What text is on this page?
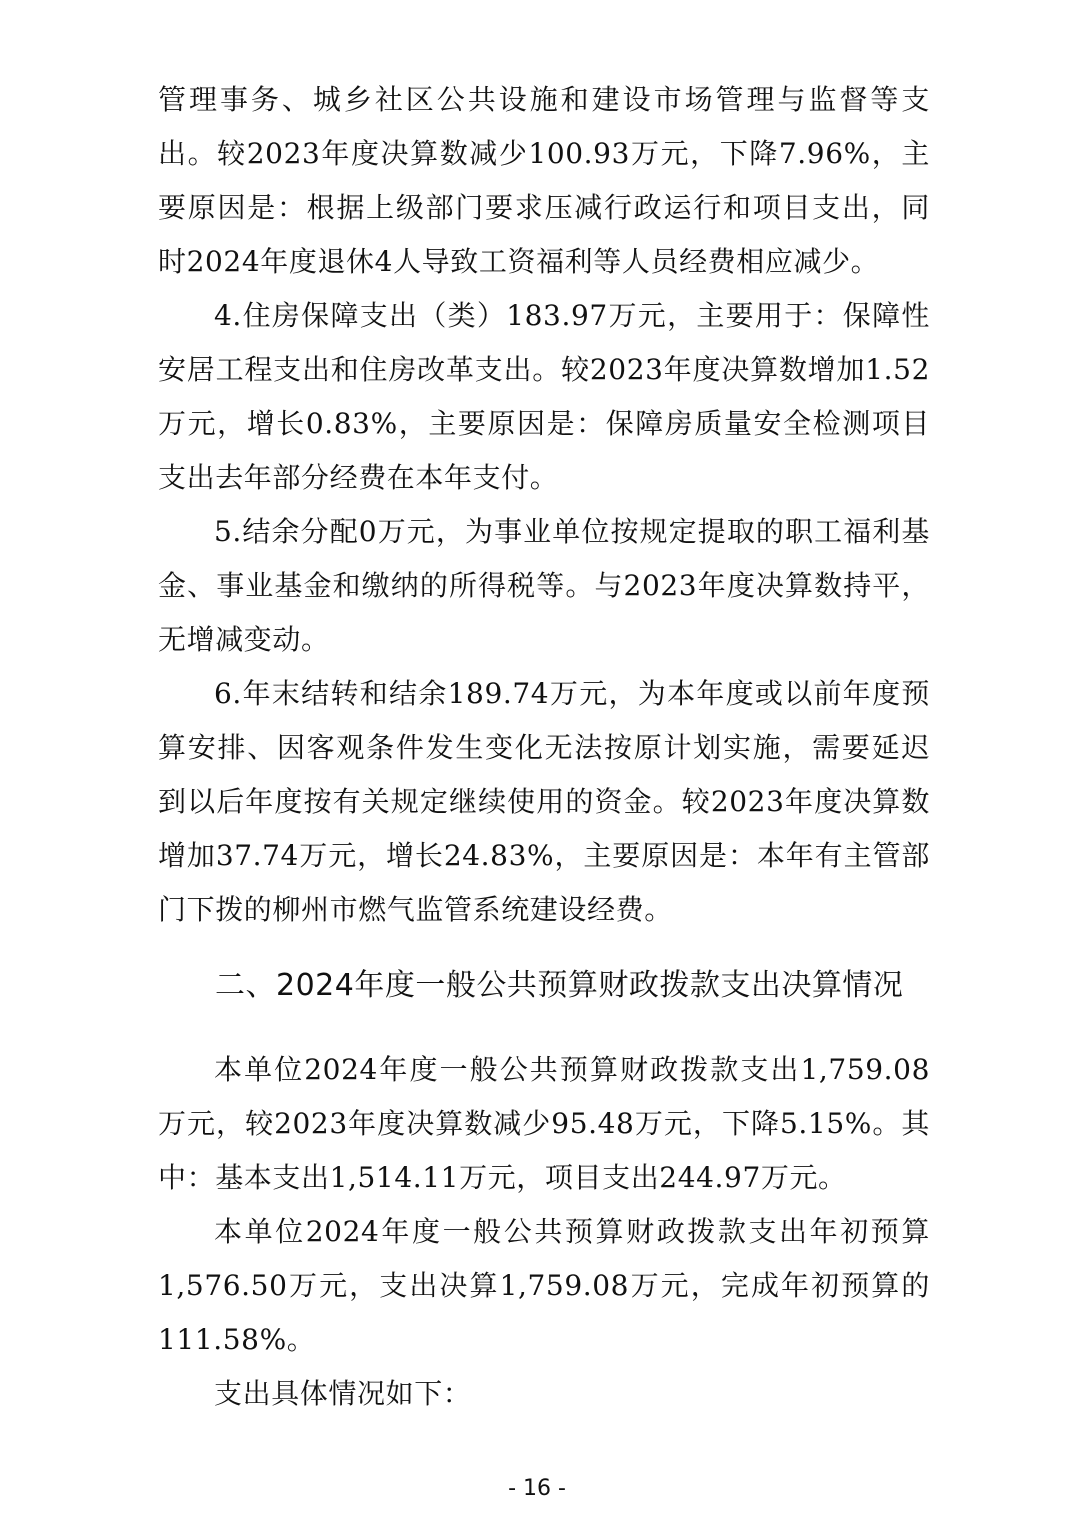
管理事务、城乡社区公共设施和建设市场管理与监督等支出。较2023年度决算数减少100.93万元，下降7.96%，主要原因是：根据上级部门要求压减行政运行和项目支出，同时2024年度退休4人导致工资福利等人员经费相应减少。

4.住房保障支出（类）183.97万元，主要用于：保障性安居工程支出和住房改革支出。较2023年度决算数增加1.52万元，增长0.83%，主要原因是：保障房质量安全检测项目支出去年部分经费在本年支付。

5.结余分配0万元，为事业单位按规定提取的职工福利基金、事业基金和缴纳的所得税等。与2023年度决算数持平，无增减变动。

6.年末结转和结余189.74万元，为本年度或以前年度预算安排、因客观条件发生变化无法按原计划实施，需要延迟到以后年度按有关规定继续使用的资金。较2023年度决算数增加37.74万元，增长24.83%，主要原因是：本年有主管部门下拨的柳州市燃气监管系统建设经费。

二、2024年度一般公共预算财政拨款支出决算情况

本单位2024年度一般公共预算财政拨款支出1,759.08万元，较2023年度决算数减少95.48万元，下降5.15%。其中：基本支出1,514.11万元，项目支出244.97万元。

本单位2024年度一般公共预算财政拨款支出年初预算1,576.50万元，支出决算1,759.08万元，完成年初预算的111.58%。

支出具体情况如下：

- 16 -
